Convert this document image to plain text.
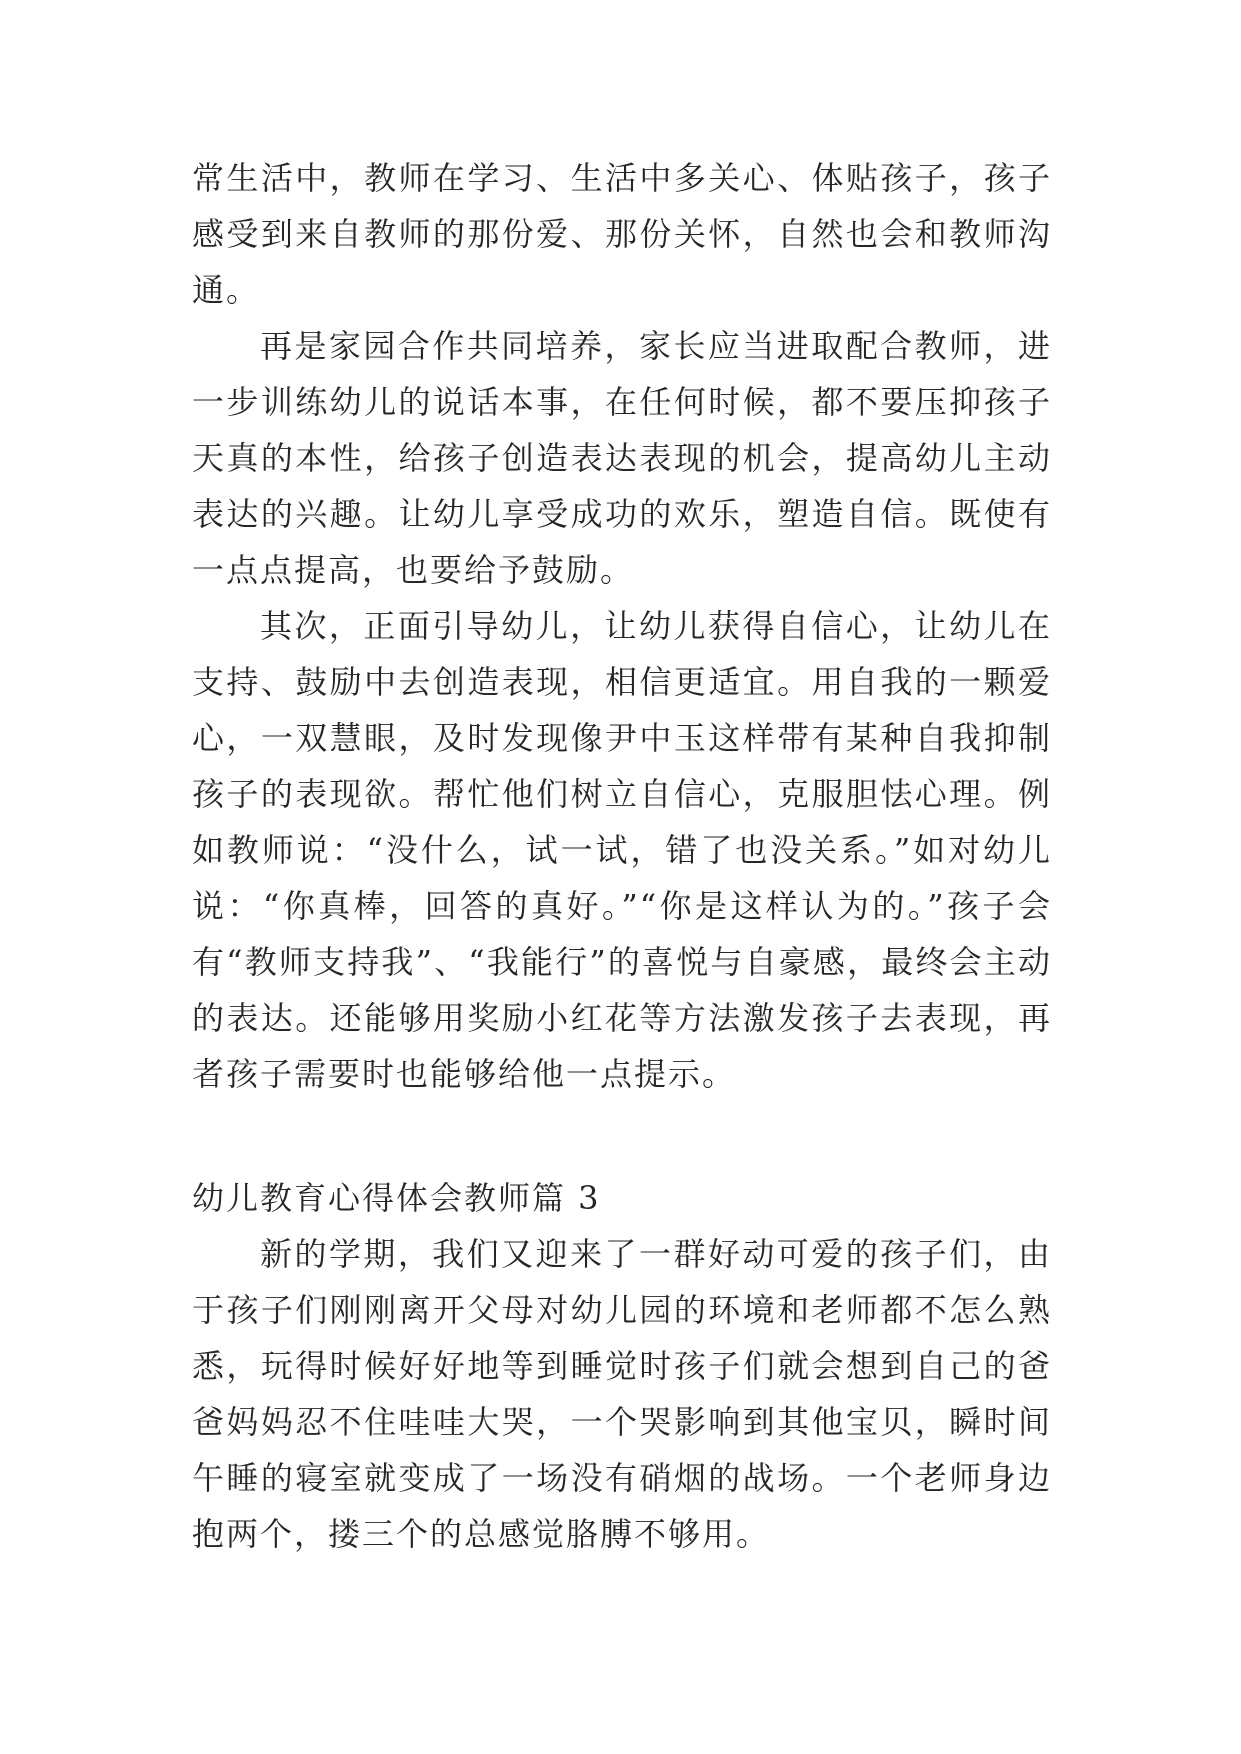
常生活中，教师在学习、生活中多关心、体贴孩子，孩子感受到来自教师的那份爱、那份关怀，自然也会和教师沟通。

再是家园合作共同培养，家长应当进取配合教师，进一步训练幼儿的说话本事，在任何时候，都不要压抑孩子天真的本性，给孩子创造表达表现的机会，提高幼儿主动表达的兴趣。让幼儿享受成功的欢乐，塑造自信。既使有一点点提高，也要给予鼓励。

其次，正面引导幼儿，让幼儿获得自信心，让幼儿在支持、鼓励中去创造表现，相信更适宜。用自我的一颗爱心，一双慧眼，及时发现像尹中玉这样带有某种自我抑制孩子的表现欲。帮忙他们树立自信心，克服胆怯心理。例如教师说：“没什么，试一试，错了也没关系。”如对幼儿说：“你真棒，回答的真好。”“你是这样认为的。”孩子会有“教师支持我”、“我能行”的喜悦与自豪感，最终会主动的表达。还能够用奖励小红花等方法激发孩子去表现，再者孩子需要时也能够给他一点提示。

幼儿教育心得体会教师篇 3

新的学期，我们又迎来了一群好动可爱的孩子们，由于孩子们刚刚离开父母对幼儿园的环境和老师都不怎么熟悉，玩得时候好好地等到睡觉时孩子们就会想到自己的爸爸妈妈忍不住哇哇大哭，一个哭影响到其他宝贝，瞬时间午睡的寝室就变成了一场没有硝烟的战场。一个老师身边抱两个，搂三个的总感觉胳膊不够用。
